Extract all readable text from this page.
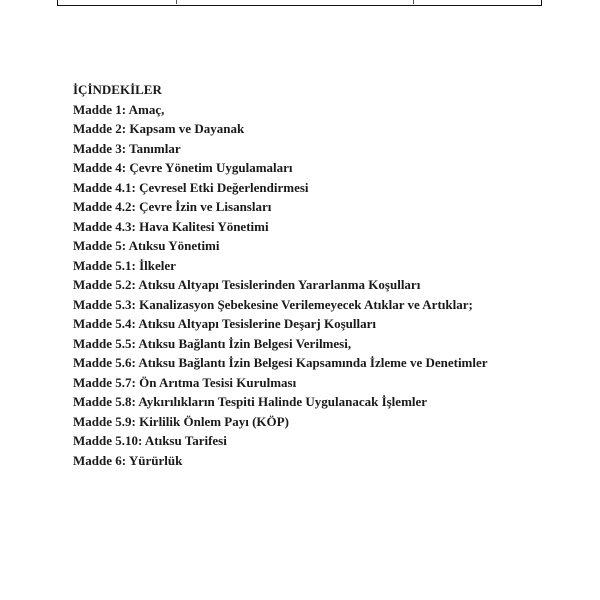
İÇİNDEKİLER
Madde 1: Amaç,
Madde 2: Kapsam ve Dayanak
Madde 3: Tanımlar
Madde 4: Çevre Yönetim Uygulamaları
Madde 4.1: Çevresel Etki Değerlendirmesi
Madde 4.2: Çevre İzin ve Lisansları
Madde 4.3: Hava Kalitesi Yönetimi
Madde 5: Atıksu Yönetimi
Madde 5.1: İlkeler
Madde 5.2: Atıksu Altyapı Tesislerinden Yararlanma Koşulları
Madde 5.3: Kanalizasyon Şebekesine Verilemeyecek Atıklar ve Artıklar;
Madde 5.4: Atıksu Altyapı Tesislerine Deşarj Koşulları
Madde 5.5: Atıksu Bağlantı İzin Belgesi Verilmesi,
Madde 5.6: Atıksu Bağlantı İzin Belgesi Kapsamında İzleme ve Denetimler
Madde 5.7: Ön Arıtma Tesisi Kurulması
Madde 5.8: Aykırılıkların Tespiti Halinde Uygulanacak İşlemler
Madde 5.9: Kirlilik Önlem Payı (KÖP)
Madde 5.10: Atıksu Tarifesi
Madde 6: Yürürlük
